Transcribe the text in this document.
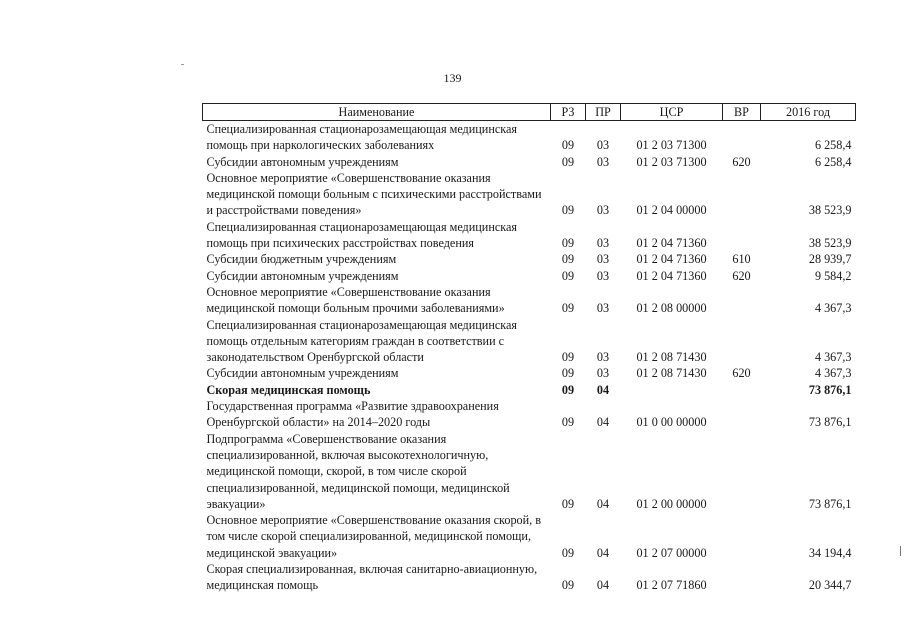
139
Наименование	РЗ	ПР	ЦСР	ВР	2016 год
Специализированная стационарозамещающая медицинская помощь при наркологических заболеваниях	09	03	01 2 03 71300		6 258,4
Субсидии автономным учреждениям	09	03	01 2 03 71300	620	6 258,4
Основное мероприятие «Совершенствование оказания медицинской помощи больным с психическими расстройствами и расстройствами поведения»	09	03	01 2 04 00000		38 523,9
Специализированная стационарозамещающая медицинская помощь при психических расстройствах поведения	09	03	01 2 04 71360		38 523,9
Субсидии бюджетным учреждениям	09	03	01 2 04 71360	610	28 939,7
Субсидии автономным учреждениям	09	03	01 2 04 71360	620	9 584,2
Основное мероприятие «Совершенствование оказания медицинской помощи больным прочими заболеваниями»	09	03	01 2 08 00000		4 367,3
Специализированная стационарозамещающая медицинская помощь отдельным категориям граждан в соответствии с законодательством Оренбургской области	09	03	01 2 08 71430		4 367,3
Субсидии автономным учреждениям	09	03	01 2 08 71430	620	4 367,3
Скорая медицинская помощь	09	04			73 876,1
Государственная программа «Развитие здравоохранения Оренбургской области» на 2014–2020 годы	09	04	01 0 00 00000		73 876,1
Подпрограмма «Совершенствование оказания специализированной, включая высокотехнологичную, медицинской помощи, скорой, в том числе скорой специализированной, медицинской помощи, медицинской эвакуации»	09	04	01 2 00 00000		73 876,1
Основное мероприятие «Совершенствование оказания скорой, в том числе скорой специализированной, медицинской помощи, медицинской эвакуации»	09	04	01 2 07 00000		34 194,4
Скорая специализированная, включая санитарно-авиационную, медицинская помощь	09	04	01 2 07 71860		20 344,7
